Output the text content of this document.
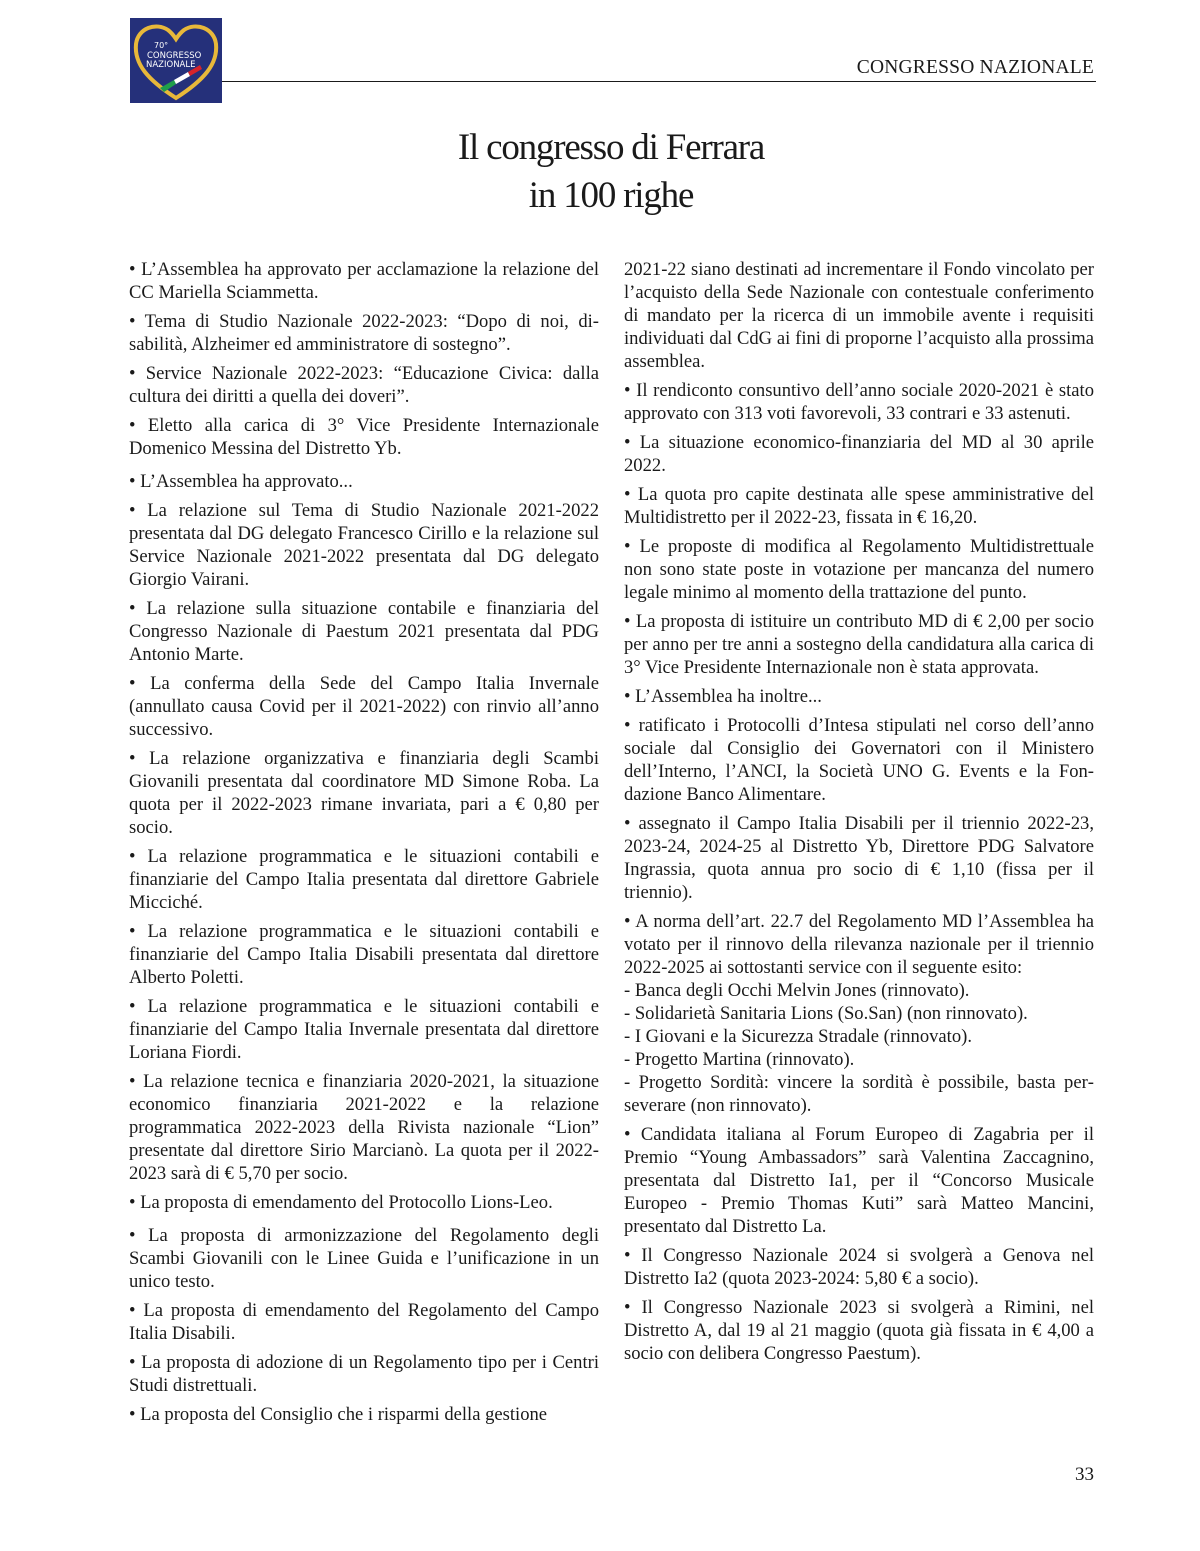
70°
CONGRESSO
NAZIONALE	CONGRESSO NAZIONALE
Il congresso di Ferrara
in 100 righe

• L’Assemblea ha approvato per acclamazione la relazione del CC Mariella Sciammetta.

• Tema di Studio Nazionale 2022-2023: “Dopo di noi, disabilità, Alzheimer ed amministratore di sostegno”.

• Service Nazionale 2022-2023: “Educazione Civica: dalla cultura dei diritti a quella dei doveri”.

• Eletto alla carica di 3° Vice Presidente Internazionale Domenico Messina del Distretto Yb.

• L’Assemblea ha approvato...

• La relazione sul Tema di Studio Nazionale 2021-2022 presentata dal DG delegato Francesco Cirillo e la relazione sul Service Nazionale 2021-2022 presentata dal DG delegato Giorgio Vairani.

• La relazione sulla situazione contabile e finanziaria del Congresso Nazionale di Paestum 2021 presentata dal PDG Antonio Marte.

• La conferma della Sede del Campo Italia Invernale (annullato causa Covid per il 2021-2022) con rinvio all’anno successivo.

• La relazione organizzativa e finanziaria degli Scambi Giovanili presentata dal coordinatore MD Simone Roba. La quota per il 2022-2023 rimane invariata, pari a € 0,80 per socio.

• La relazione programmatica e le situazioni contabili e finanziarie del Campo Italia presentata dal direttore Gabriele Micciché.

• La relazione programmatica e le situazioni contabili e finanziarie del Campo Italia Disabili presentata dal direttore Alberto Poletti.

• La relazione programmatica e le situazioni contabili e finanziarie del Campo Italia Invernale presentata dal direttore Loriana Fiordi.

• La relazione tecnica e finanziaria 2020-2021, la situazione economico finanziaria 2021-2022 e la relazione programmatica 2022-2023 della Rivista nazionale “Lion” presentate dal direttore Sirio Marcianò. La quota per il 2022-2023 sarà di € 5,70 per socio.

• La proposta di emendamento del Protocollo Lions-Leo.

• La proposta di armonizzazione del Regolamento degli Scambi Giovanili con le Linee Guida e l’unificazione in un unico testo.

• La proposta di emendamento del Regolamento del Campo Italia Disabili.

• La proposta di adozione di un Regolamento tipo per i Centri Studi distrettuali.

• La proposta del Consiglio che i risparmi della gestione

2021-22 siano destinati ad incrementare il Fondo vincolato per l’acquisto della Sede Nazionale con contestuale conferimento di mandato per la ricerca di un immobile avente i requisiti individuati dal CdG ai fini di proporne l’acquisto alla prossima assemblea.

• Il rendiconto consuntivo dell’anno sociale 2020-2021 è stato approvato con 313 voti favorevoli, 33 contrari e 33 astenuti.

• La situazione economico-finanziaria del MD al 30 aprile 2022.

• La quota pro capite destinata alle spese amministrative del Multidistretto per il 2022-23, fissata in € 16,20.

• Le proposte di modifica al Regolamento Multidistrettuale non sono state poste in votazione per mancanza del numero legale minimo al momento della trattazione del punto.

• La proposta di istituire un contributo MD di € 2,00 per socio per anno per tre anni a sostegno della candidatura alla carica di 3° Vice Presidente Internazionale non è stata approvata.

• L’Assemblea ha inoltre...

• ratificato i Protocolli d’Intesa stipulati nel corso dell’anno sociale dal Consiglio dei Governatori con il Ministero dell’Interno, l’ANCI, la Società UNO G. Events e la Fondazione Banco Alimentare.

• assegnato il Campo Italia Disabili per il triennio 2022-23, 2023-24, 2024-25 al Distretto Yb, Direttore PDG Salvatore Ingrassia, quota annua pro socio di € 1,10 (fissa per il triennio).

• A norma dell’art. 22.7 del Regolamento MD l’Assemblea ha votato per il rinnovo della rilevanza nazionale per il triennio 2022-2025 ai sottostanti service con il seguente esito:

- Banca degli Occhi Melvin Jones (rinnovato).

- Solidarietà Sanitaria Lions (So.San) (non rinnovato).

- I Giovani e la Sicurezza Stradale (rinnovato).

- Progetto Martina (rinnovato).

- Progetto Sordità: vincere la sordità è possibile, basta perseverare (non rinnovato).

• Candidata italiana al Forum Europeo di Zagabria per il Premio “Young Ambassadors” sarà Valentina Zaccagnino, presentata dal Distretto Ia1, per il “Concorso Musicale Europeo - Premio Thomas Kuti” sarà Matteo Mancini, presentato dal Distretto La.

• Il Congresso Nazionale 2024 si svolgerà a Genova nel Distretto Ia2 (quota 2023-2024: 5,80 € a socio).

• Il Congresso Nazionale 2023 si svolgerà a Rimini, nel Distretto A, dal 19 al 21 maggio (quota già fissata in € 4,00 a socio con delibera Congresso Paestum).

33
